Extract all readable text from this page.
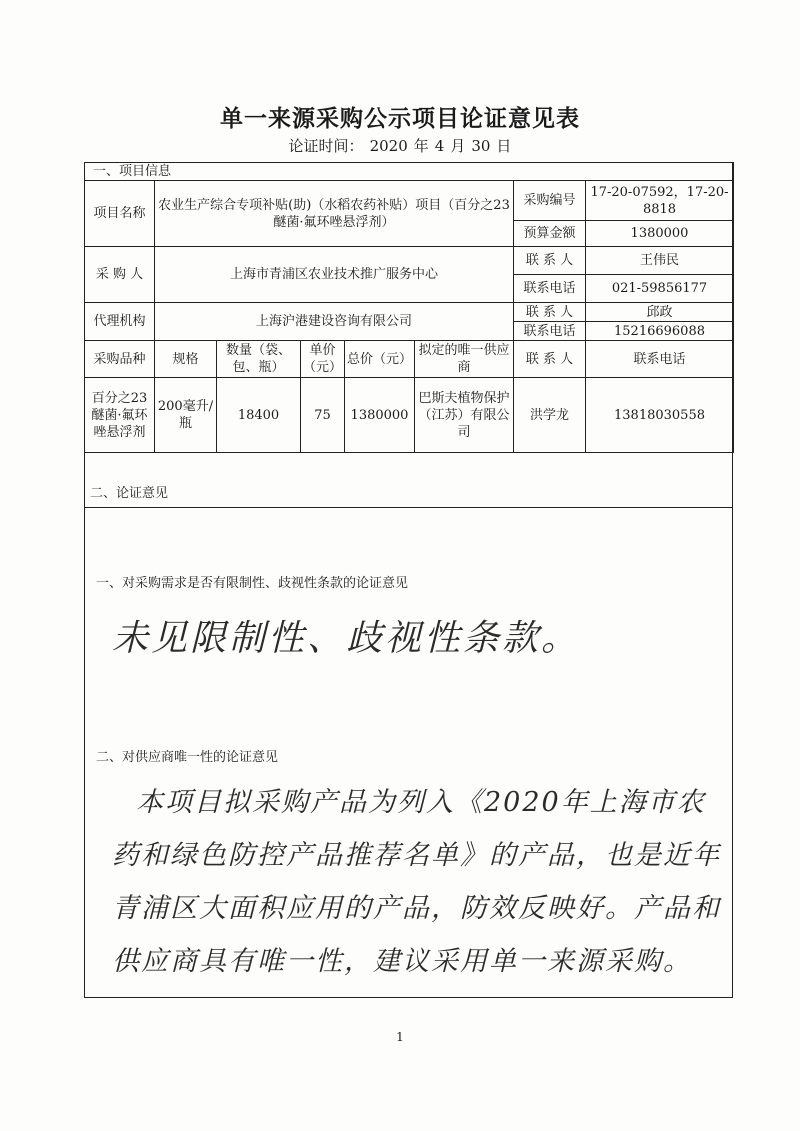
单一来源采购公示项目论证意见表
论证时间： 2020 年 4 月 30 日
一、项目信息							
项目名称	农业生产综合专项补贴(助)（水稻农药补贴）项目（百分之23醚菌·氟环唑悬浮剂）					采购编号	17-20-07592，17-20-8818
						预算金额	1380000
采 购 人	上海市青浦区农业技术推广服务中心					联 系 人	王伟民
						联系电话	021-59856177
代理机构	上海沪港建设咨询有限公司					联 系 人	邱政
						联系电话	15216696088
采购品种	规格	数量（袋、包、瓶）	单价（元）	总价（元）	拟定的唯一供应商	联 系 人	联系电话
百分之23醚菌·氟环唑悬浮剂	200毫升/瓶	18400	75	1380000	巴斯夫植物保护（江苏）有限公司	洪学龙	13818030558
二、论证意见
一、对采购需求是否有限制性、歧视性条款的论证意见
未见限制性、歧视性条款。
二、对供应商唯一性的论证意见
本项目拟采购产品为列入《2020年上海市农药和绿色防控产品推荐名单》的产品，也是近年青浦区大面积应用的产品，防效反映好。产品和供应商具有唯一性，建议采用单一来源采购。
1
